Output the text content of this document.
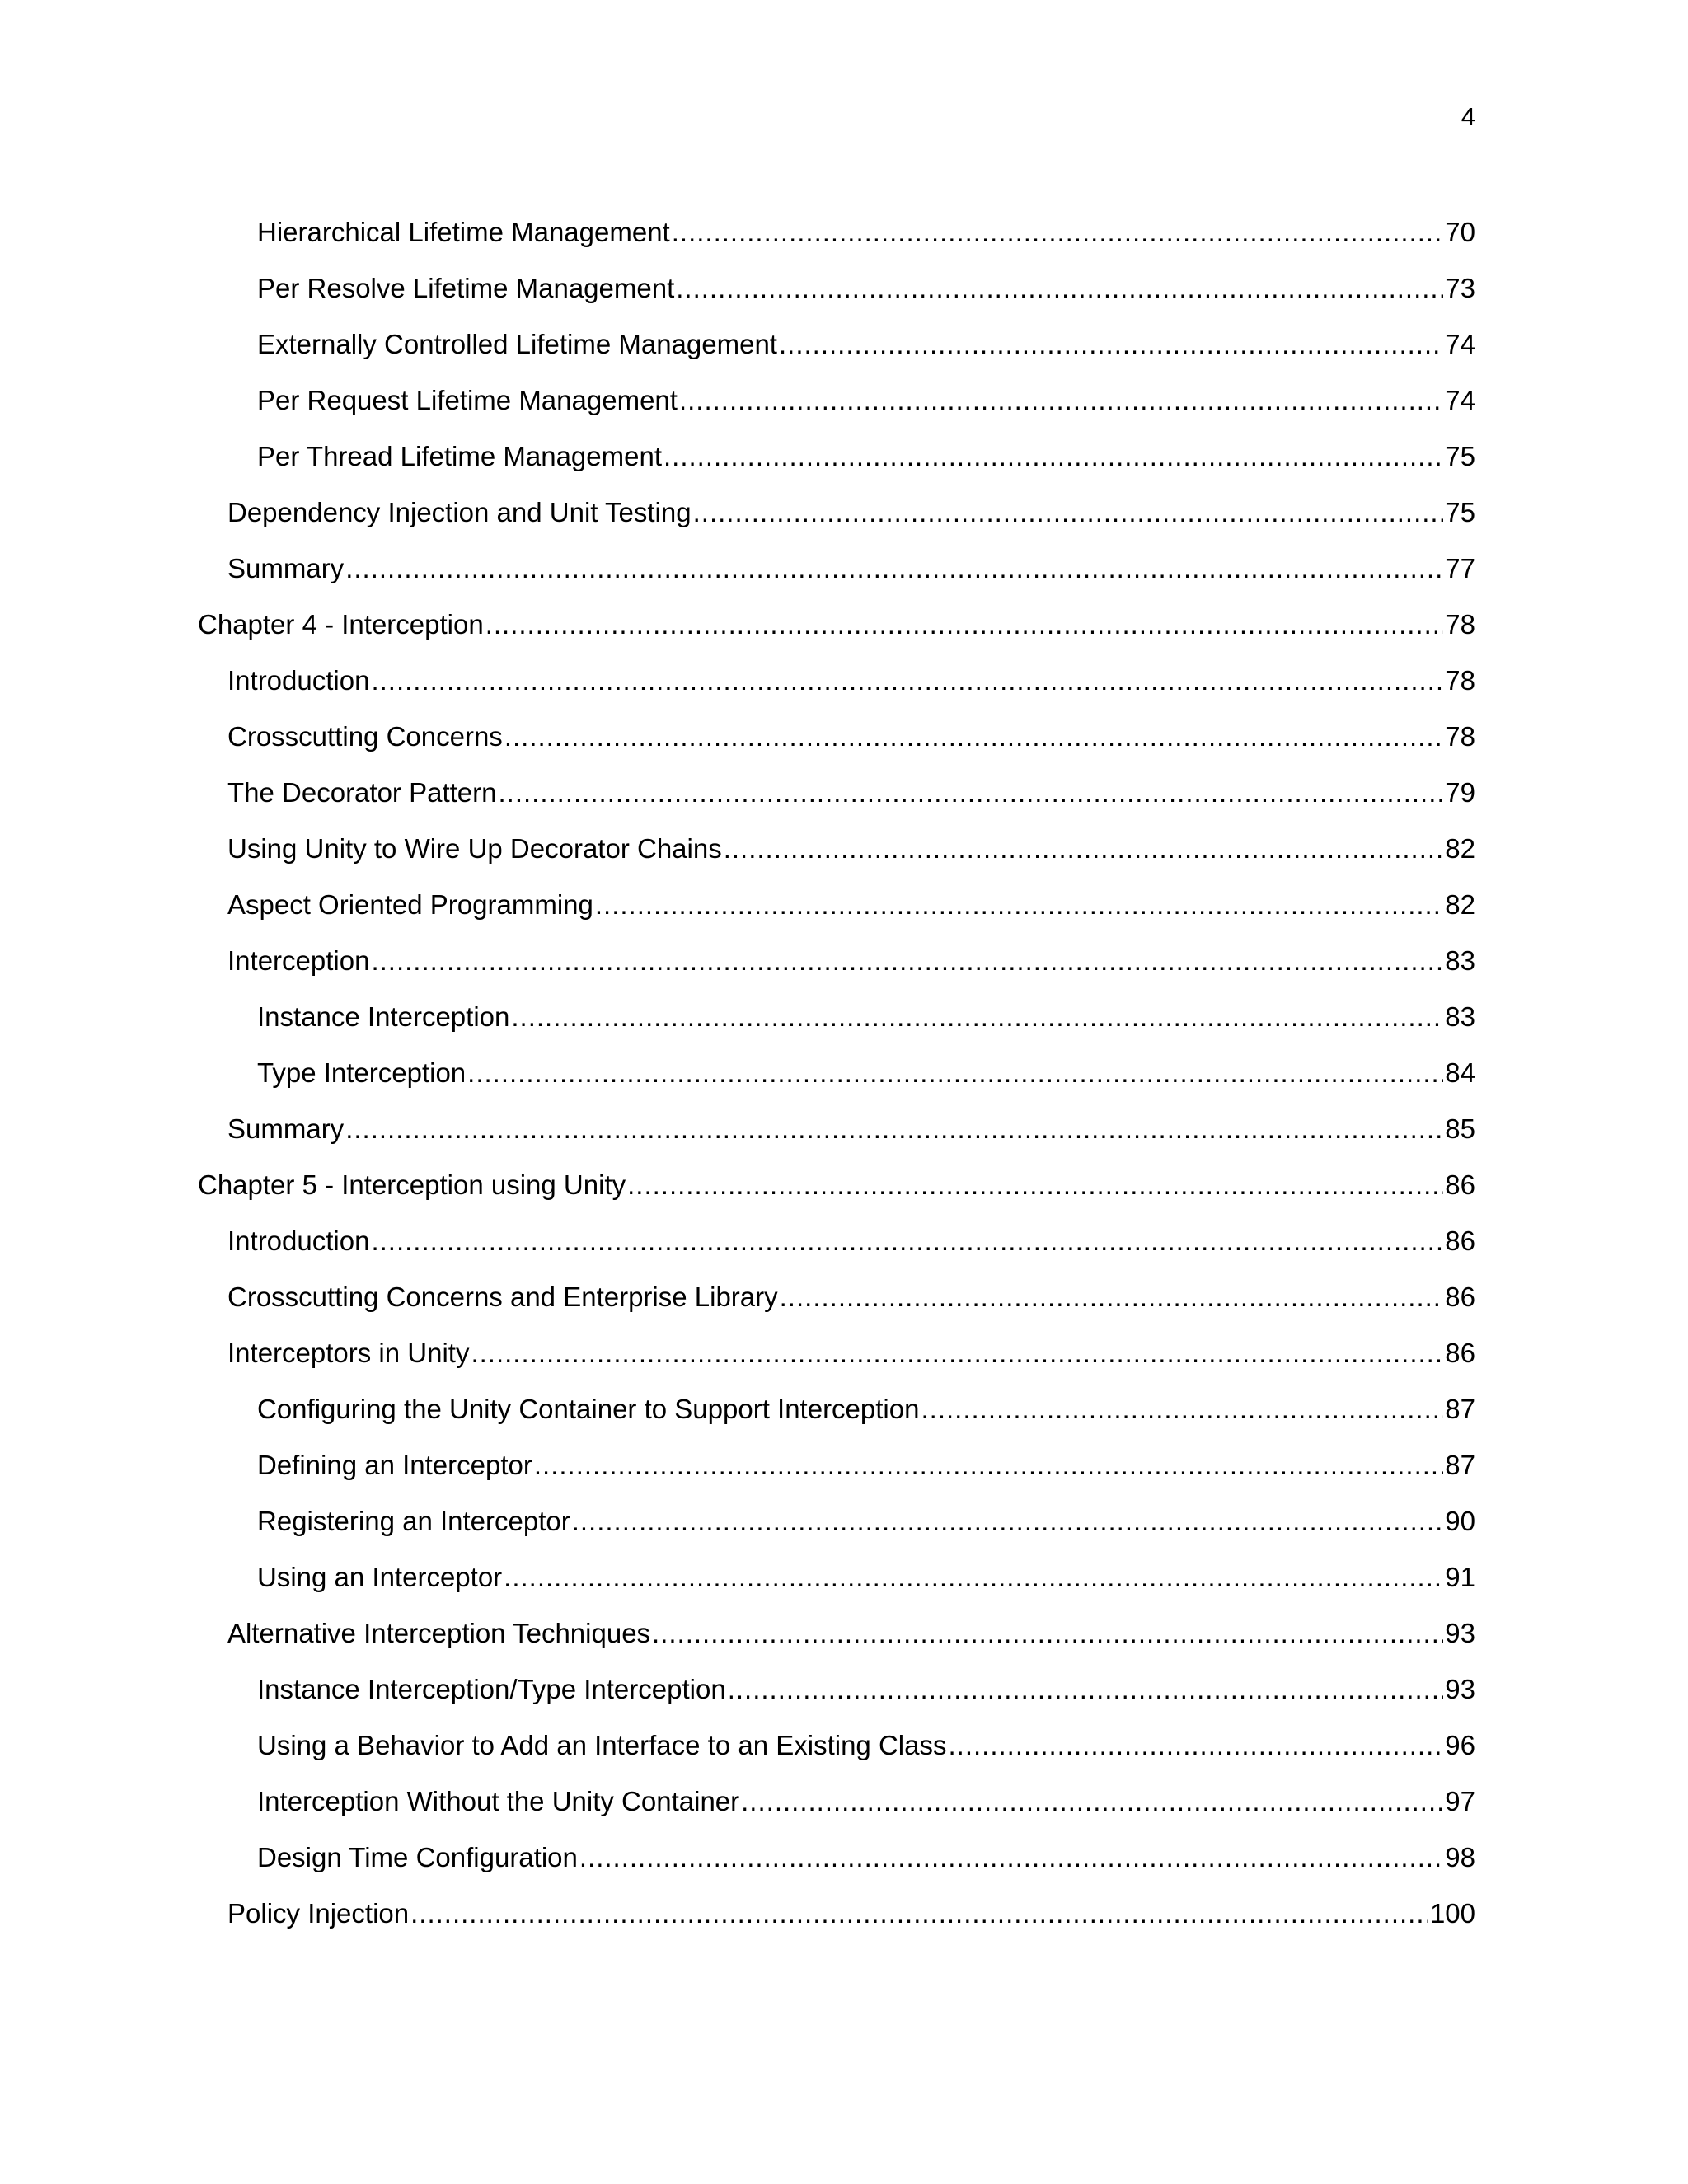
4
Hierarchical Lifetime Management .....	70
Per Resolve Lifetime Management .....	73
Externally Controlled Lifetime Management .....	74
Per Request Lifetime Management .....	74
Per Thread Lifetime Management .....	75
Dependency Injection and Unit Testing .....	75
Summary .....	77
Chapter 4 - Interception .....	78
Introduction .....	78
Crosscutting Concerns .....	78
The Decorator Pattern .....	79
Using Unity to Wire Up Decorator Chains .....	82
Aspect Oriented Programming .....	82
Interception .....	83
Instance Interception .....	83
Type Interception .....	84
Summary .....	85
Chapter 5 - Interception using Unity .....	86
Introduction .....	86
Crosscutting Concerns and Enterprise Library .....	86
Interceptors in Unity .....	86
Configuring the Unity Container to Support Interception .....	87
Defining an Interceptor .....	87
Registering an Interceptor .....	90
Using an Interceptor .....	91
Alternative Interception Techniques .....	93
Instance Interception/Type Interception .....	93
Using a Behavior to Add an Interface to an Existing Class .....	96
Interception Without the Unity Container .....	97
Design Time Configuration .....	98
Policy Injection .....	100
